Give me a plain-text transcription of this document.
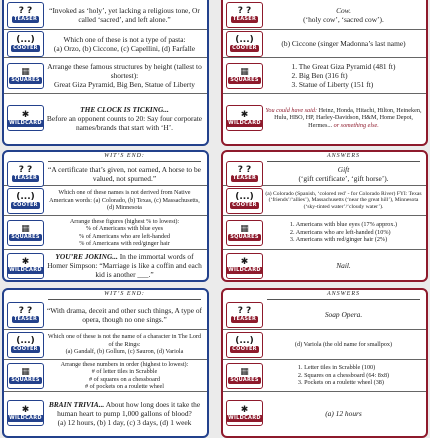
? ?
TEASER
“Invoked as ‘holy’, yet lacking a religious tone, Or called ‘sacred’, and left alone.”
(...)
COOTER
Which one of these is not a type of pasta:
(a) Orzo, (b) Ciccone, (c) Capellini, (d) Farfalle
▦
SQUARES
Arrange these famous structures by height (tallest to shortest):
Great Giza Pyramid, Big Ben, Statue of Liberty
✱
WILDCARD
THE CLOCK IS TICKING...
Before an opponent counts to 20: Say four corporate names/brands that start with ‘H’.
? ?
TEASER
Cow.
(‘holy cow’, ‘sacred cow’).
(...)
COOTER	(b) Ciccone (singer Madonna’s last name)
▦
SQUARES
1. The Great Giza Pyramid (481 ft)
2. Big Ben (316 ft)
3. Statue of Liberty (151 ft)
✱
WILDCARD
You could have said: Heinz, Honda, Hitachi, Hilton, Heineken, Hulu, HBO, HP, Harley-Davidson, H&M, Home Depot, Hermes... or something else.
WIT’S END:
? ?
TEASER
“A certificate that’s given, not earned, A horse to be valued, not spurned.”
(...)
COOTER
Which one of these names is not derived from Native American words: (a) Colorado, (b) Texas, (c) Massachusetts, (d) Minnesota
▦
SQUARES
Arrange these figures (highest % to lowest):
% of Americans with blue eyes
% of Americans who are left-handed
% of Americans with red/ginger hair
✱
WILDCARD
YOU’RE JOKING... In the immortal words of Homer Simpson: “Marriage is like a coffin and each kid is another ___.”
ANSWERS
? ?
TEASER
Gift
(‘gift certificate’, ‘gift horse’).
(...)
COOTER
(a) Colorado (Spanish, ‘colored red’ - for Colorado River) FYI: Texas (‘friends’/‘allies’), Massachusetts (‘near the great hill’), Minnesota (‘sky-tinted water’/‘cloudy water’).
▦
SQUARES
1. Americans with blue eyes (17% approx.)
2. Americans who are left-handed (10%)
3. Americans with red/ginger hair (2%)
✱
WILDCARD	Nail.
WIT’S END:
? ?
TEASER
“With drama, deceit and other such things, A type of opera, though no one sings.”
(...)
COOTER
Which one of these is not the name of a character in The Lord of the Rings:
(a) Gandalf, (b) Gollum, (c) Sauron, (d) Variola
▦
SQUARES
Arrange these numbers in order (highest to lowest):
# of letter tiles in Scrabble
# of squares on a chessboard
# of pockets on a roulette wheel
✱
WILDCARD
BRAIN TRIVIA... About how long does it take the human heart to pump 1,000 gallons of blood?
(a) 12 hours, (b) 1 day, (c) 3 days, (d) 1 week
ANSWERS
? ?
TEASER	Soap Opera.
(...)
COOTER
(d) Variola (the old name for smallpox)
▦
SQUARES
1. Letter tiles in Scrabble (100)
2. Squares on a chessboard (64: 8x8)
3. Pockets on a roulette wheel (38)
✱
WILDCARD	(a) 12 hours
